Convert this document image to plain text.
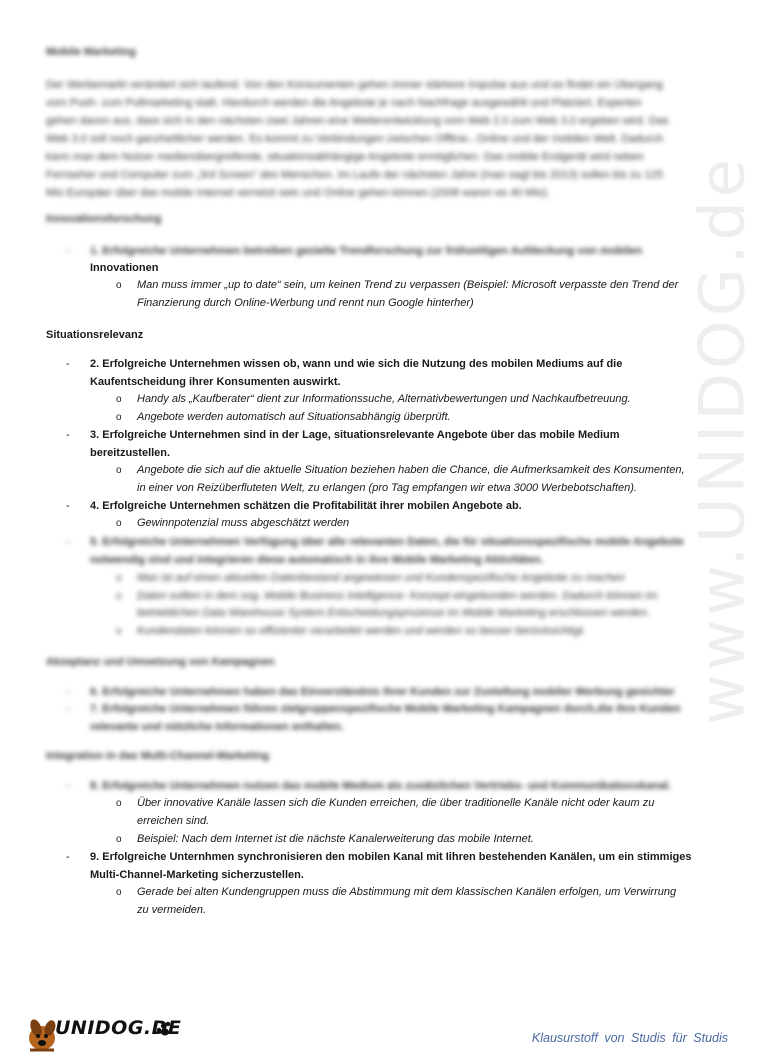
www.UNIDOG.de
Mobile Marketing
Der Werbemarkt verändert sich laufend. Von den Konsumenten gehen immer stärkere Impulse aus und es findet ein Übergang
vom Push- zum Pullmarketing statt. Hierdurch werden die Angebote je nach Nachfrage ausgewählt und Platziert. Experten
gehen davon aus, dass sich in den nächsten zwei Jahren eine Weiterentwicklung vom Web 2.0 zum Web 3.0 ergeben wird. Das
Web 3.0 soll noch ganzheitlicher werden. Es kommt zu Verbindungen zwischen Offline-, Online und der mobilen Welt. Dadurch
kann man dem Nutzer medienübergreifende, situationsabhängige Angebote ermöglichen. Das mobile Endgerät wird neben
Fernseher und Computer zum „3rd Screen“ des Menschen. Im Laufe der nächsten Jahre (man sagt bis 2013) sollen bis zu 125
Mio Europäer über das mobile Internet vernetzt sein und Online gehen können (2008 waren es 40 Mio).
Innovationsforschung
-	1. Erfolgreiche Unternehmen betreiben gezielte Trendforschung zur frühzeitigen Aufdeckung von mobilen
Innovationen
o	Man muss immer „up to date“ sein, um keinen Trend zu verpassen (Beispiel: Microsoft verpasste den Trend der
Finanzierung durch Online-Werbung und rennt nun Google hinterher)
Situationsrelevanz
-	2. Erfolgreiche Unternehmen wissen ob, wann und wie sich die Nutzung des mobilen Mediums auf die
Kaufentscheidung ihrer Konsumenten auswirkt.
o	Handy als „Kaufberater“ dient zur Informationssuche, Alternativbewertungen und Nachkaufbetreuung.
o	Angebote werden automatisch auf Situationsabhängig überprüft.
-	3. Erfolgreiche Unternehmen sind in der Lage, situationsrelevante Angebote über das mobile Medium
bereitzustellen.
o	Angebote die sich auf die aktuelle Situation beziehen haben die Chance, die Aufmerksamkeit des Konsumenten,
in einer von Reizüberfluteten Welt, zu erlangen (pro Tag empfangen wir etwa 3000 Werbebotschaften).
-	4. Erfolgreiche Unternehmen schätzen die Profitabilität ihrer mobilen Angebote ab.
o	Gewinnpotenzial muss abgeschätzt werden
-	5. Erfolgreiche Unternehmen Verfügung über alle relevanten Daten, die für situationsspezifische mobile Angebote
notwendig sind und integrieren diese automatisch in ihre Mobile Marketing Aktivitäten.
o	Man ist auf einen aktuellen Datenbestand angewiesen und Kundenspezifische Angebote zu machen
o	Daten sollten in dem sog. Mobile Business Intelligence- Konzept eingebunden werden. Dadurch können im
betrieblichen Data Warehouse System Entscheidungsprozesse im Mobile Marketing erschlossen werden.
o	Kundendaten können so effizienter verarbeitet werden und werden so besser berücksichtigt.
Akzeptanz und Umsetzung von Kampagnen
-	6. Erfolgreiche Unternehmen haben das Einverständnis ihrer Kunden zur Zustellung mobiler Werbung gesichter
-	7. Erfolgreiche Unternehmen führen zielgruppenspezifische Mobile Marketing Kampagnen durch,die ihre Kunden
relevante und nützliche Informationen enthalten.
Integration in das Multi-Channel-Marketing
-	8. Erfolgreiche Unternehmen nutzen das mobile Medium als zusätzlichen Vertriebs- und Kommunikationskanal.
o	Über innovative Kanäle lassen sich die Kunden erreichen, die über traditionelle Kanäle nicht oder kaum zu
erreichen sind.
o	Beispiel: Nach dem Internet ist die nächste Kanalerweiterung das mobile Internet.
-	9. Erfolgreiche Unternhmen synchronisieren den mobilen Kanal mit Iihren bestehenden Kanälen, um ein stimmiges
Multi-Channel-Marketing sicherzustellen.
o	Gerade bei alten Kundengruppen muss die Abstimmung mit dem klassischen Kanälen erfolgen, um Verwirrung
zu vermeiden.
UNIDOG.DE	Klausurstoff von Studis für Studis
